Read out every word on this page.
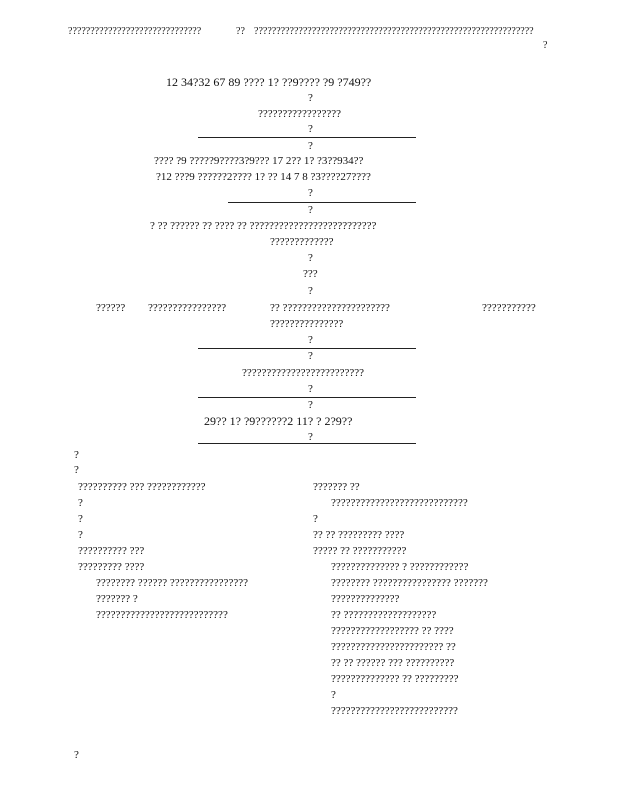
??????????????????????????????	?? ???????????????????????????????????????????????????????????????
?
12 34?32 67 89 ???? 1? ??9???? ?9 ?749??
?
?????????????????
?
?
???? ?9 ?????9????3?9??? 17 2?? 1? ?3??934??
?12 ???9 ??????2???? 1? ?? 14 7 8 ?3????27????
?
?
? ?? ?????? ?? ???? ?? ??????????????????????????
?????????????
?
???
?
?????? ????????????????	?? ??????????????????????	???????????
???????????????
?
?
?????????????????????????
?
?
29?? 1? ?9??????2 11? ? 2?9??
?
?
?
?????????? ??? ????????????
?
?
?
?????????? ???
????????? ????
???????? ?????? ????????????????
??????? ?
???????????????????????????
?
??????? ??
????????????????????????????
?
?? ?? ????????? ????
????? ?? ???????????
?????????????? ? ????????????
???????? ???????????????? ???????
??????????????
?? ???????????????????
?????????????????? ?? ????
??????????????????????? ??
?? ?? ?????? ??? ??????????
?????????????? ?? ?????????
?
??????????????????????????
